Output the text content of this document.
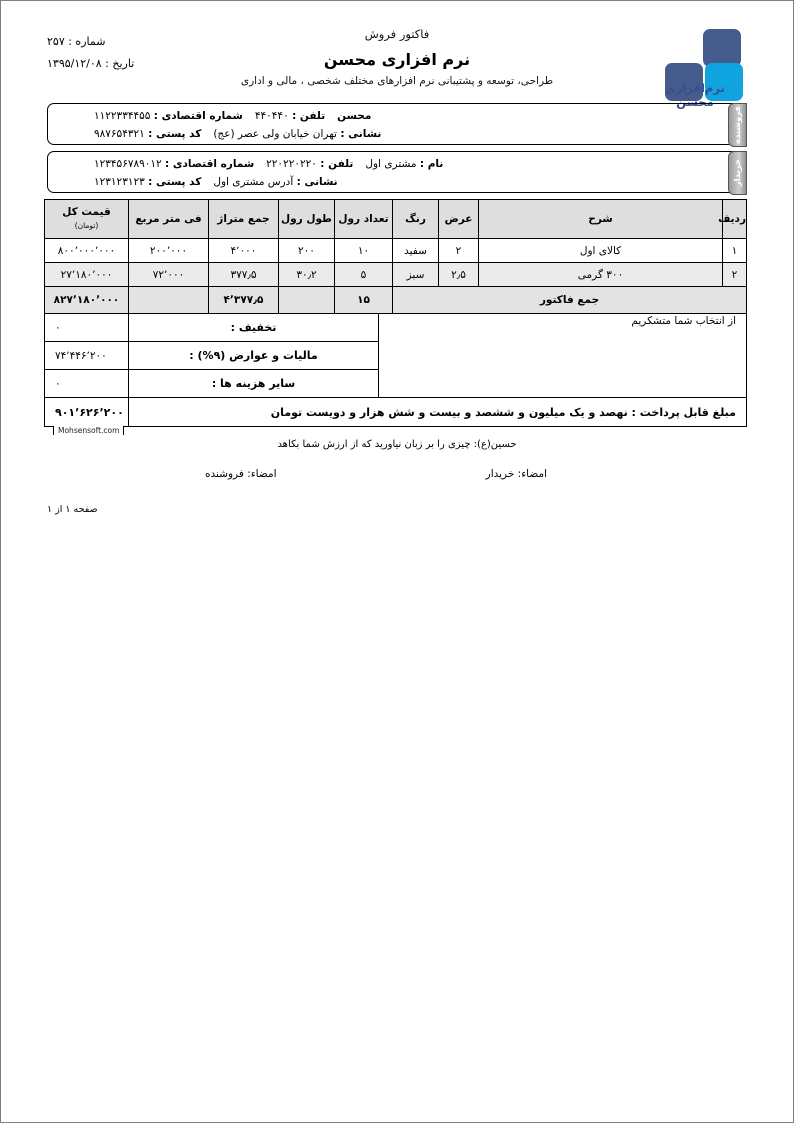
نرم‌افزاری محسن
فاکتور فروش
نرم افزاری محسن
طراحی، توسعه و پشتیبانی نرم افزارهای مختلف شخصی ، مالی و اداری
شماره : ۲۵۷
تاریخ : ۱۳۹۵/۱۲/۰۸
فروشنده
محسنتلفن : ۴۴۰۴۴۰شماره اقتصادی : ۱۱۲۲۳۳۴۴۵۵
نشانی : تهران خیابان ولی عصر (عج)کد پستی : ۹۸۷۶۵۴۳۲۱
خریدار
نام : مشتری اولتلفن : ۲۲۰۲۲۰۲۲۰شماره اقتصادی : ۱۲۳۴۵۶۷۸۹۰۱۲
نشانی : آدرس مشتری اولکد پستی : ۱۲۳۱۲۳۱۲۳
ردیف	شرح	عرض	رنگ	تعداد رول	طول رول	جمع متراژ	فی متر مربع	قیمت کل
(تومان)

۱	کالای اول	۲	سفید	۱۰	۲۰۰	۴٬۰۰۰	۲۰۰٬۰۰۰	۸۰۰٬۰۰۰٬۰۰۰
۲	۳۰۰ گرمی	۲٫۵	سبز	۵	۳۰٫۲	۳۷۷٫۵	۷۲٬۰۰۰	۲۷٬۱۸۰٬۰۰۰
جمع فاکتور				۱۵		۴٬۳۷۷٫۵		۸۲۷٬۱۸۰٬۰۰۰
از انتخاب شما متشکریم	تخفیف :	۰
	مالیات و عوارض (۹%) :	۷۴٬۴۴۶٬۲۰۰
	سایر هزینه ها :	۰
مبلغ قابل پرداخت : نهصد و یک میلیون و ششصد و بیست و شش هزار و دویست تومان	۹۰۱٬۶۲۶٬۲۰۰
Mohsensoft.com
حسین(ع): چیزی را بر زبان نیاورید که از ارزش شما بکاهد
امضاء: خریدار
امضاء: فروشنده
صفحه ۱ از ۱
